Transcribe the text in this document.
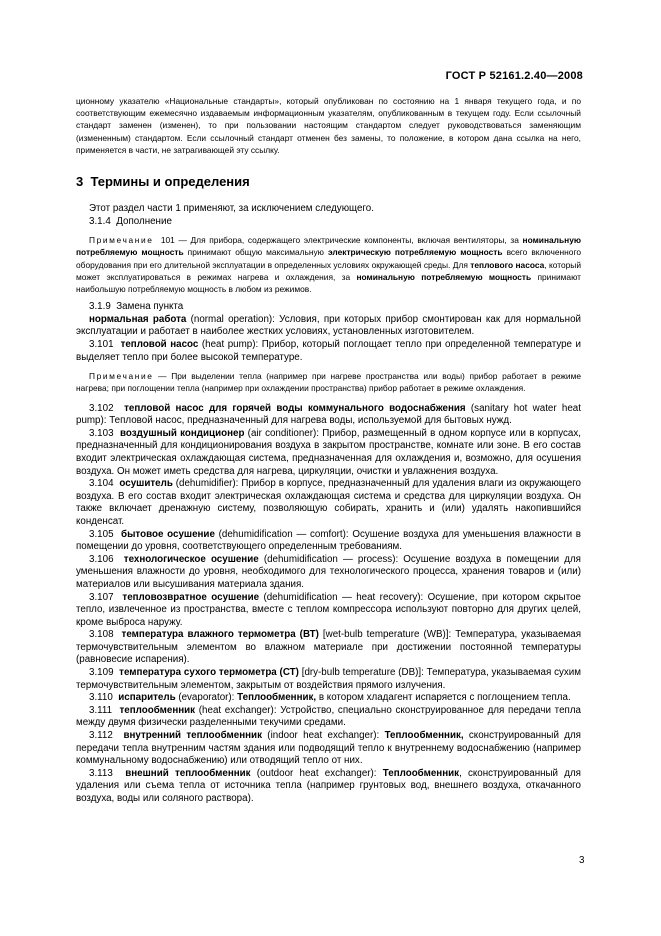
ГОСТ Р 52161.2.40—2008

ционному указателю «Национальные стандарты», который опубликован по состоянию на 1 января текущего года, и по соответствующим ежемесячно издаваемым информационным указателям, опубликованным в текущем году. Если ссылочный стандарт заменен (изменен), то при пользовании настоящим стандартом следует руководствоваться заменяющим (измененным) стандартом. Если ссылочный стандарт отменен без замены, то положение, в котором дана ссылка на него, применяется в части, не затрагивающей эту ссылку.

3 Термины и определения

Этот раздел части 1 применяют, за исключением следующего.

3.1.4 Дополнение

Примечание 101 — Для прибора, содержащего электрические компоненты, включая вентиляторы, за номинальную потребляемую мощность принимают общую максимальную электрическую потребляемую мощность всего включенного оборудования при его длительной эксплуатации в определенных условиях окружающей среды. Для теплового насоса, который может эксплуатироваться в режимах нагрева и охлаждения, за номинальную потребляемую мощность принимают наибольшую потребляемую мощность в любом из режимов.

3.1.9 Замена пункта

нормальная работа (normal operation): Условия, при которых прибор смонтирован как для нормальной эксплуатации и работает в наиболее жестких условиях, установленных изготовителем.

3.101 тепловой насос (heat pump): Прибор, который поглощает тепло при определенной температуре и выделяет тепло при более высокой температуре.

Примечание — При выделении тепла (например при нагреве пространства или воды) прибор работает в режиме нагрева; при поглощении тепла (например при охлаждении пространства) прибор работает в режиме охлаждения.

3.102 тепловой насос для горячей воды коммунального водоснабжения (sanitary hot water heat pump): Тепловой насос, предназначенный для нагрева воды, используемой для бытовых нужд.

3.103 воздушный кондиционер (air conditioner): Прибор, размещенный в одном корпусе или в корпусах, предназначенный для кондиционирования воздуха в закрытом пространстве, комнате или зоне. В его состав входит электрическая охлаждающая система, предназначенная для охлаждения и, возможно, для осушения воздуха. Он может иметь средства для нагрева, циркуляции, очистки и увлажнения воздуха.

3.104 осушитель (dehumidifier): Прибор в корпусе, предназначенный для удаления влаги из окружающего воздуха. В его состав входит электрическая охлаждающая система и средства для циркуляции воздуха. Он также включает дренажную систему, позволяющую собирать, хранить и (или) удалять накопившийся конденсат.

3.105 бытовое осушение (dehumidification — comfort): Осушение воздуха для уменьшения влажности в помещении до уровня, соответствующего определенным требованиям.

3.106 технологическое осушение (dehumidification — process): Осушение воздуха в помещении для уменьшения влажности до уровня, необходимого для технологического процесса, хранения товаров и (или) материалов или высушивания материала здания.

3.107 тепловозвратное осушение (dehumidification — heat recovery): Осушение, при котором скрытое тепло, извлеченное из пространства, вместе с теплом компрессора используют повторно для других целей, кроме выброса наружу.

3.108 температура влажного термометра (ВТ) [wet-bulb temperature (WB)]: Температура, указываемая термочувствительным элементом во влажном материале при достижении постоянной температуры (равновесие испарения).

3.109 температура сухого термометра (СТ) [dry-bulb temperature (DB)]: Температура, указываемая сухим термочувствительным элементом, закрытым от воздействия прямого излучения.

3.110 испаритель (evaporator): Теплообменник, в котором хладагент испаряется с поглощением тепла.

3.111 теплообменник (heat exchanger): Устройство, специально сконструированное для передачи тепла между двумя физически разделенными текучими средами.

3.112 внутренний теплообменник (indoor heat exchanger): Теплообменник, сконструированный для передачи тепла внутренним частям здания или подводящий тепло к внутреннему водоснабжению (например коммунальному водоснабжению) или отводящий тепло от них.

3.113 внешний теплообменник (outdoor heat exchanger): Теплообменник, сконструированный для удаления или съема тепла от источника тепла (например грунтовых вод, внешнего воздуха, откачанного воздуха, воды или соляного раствора).

3
